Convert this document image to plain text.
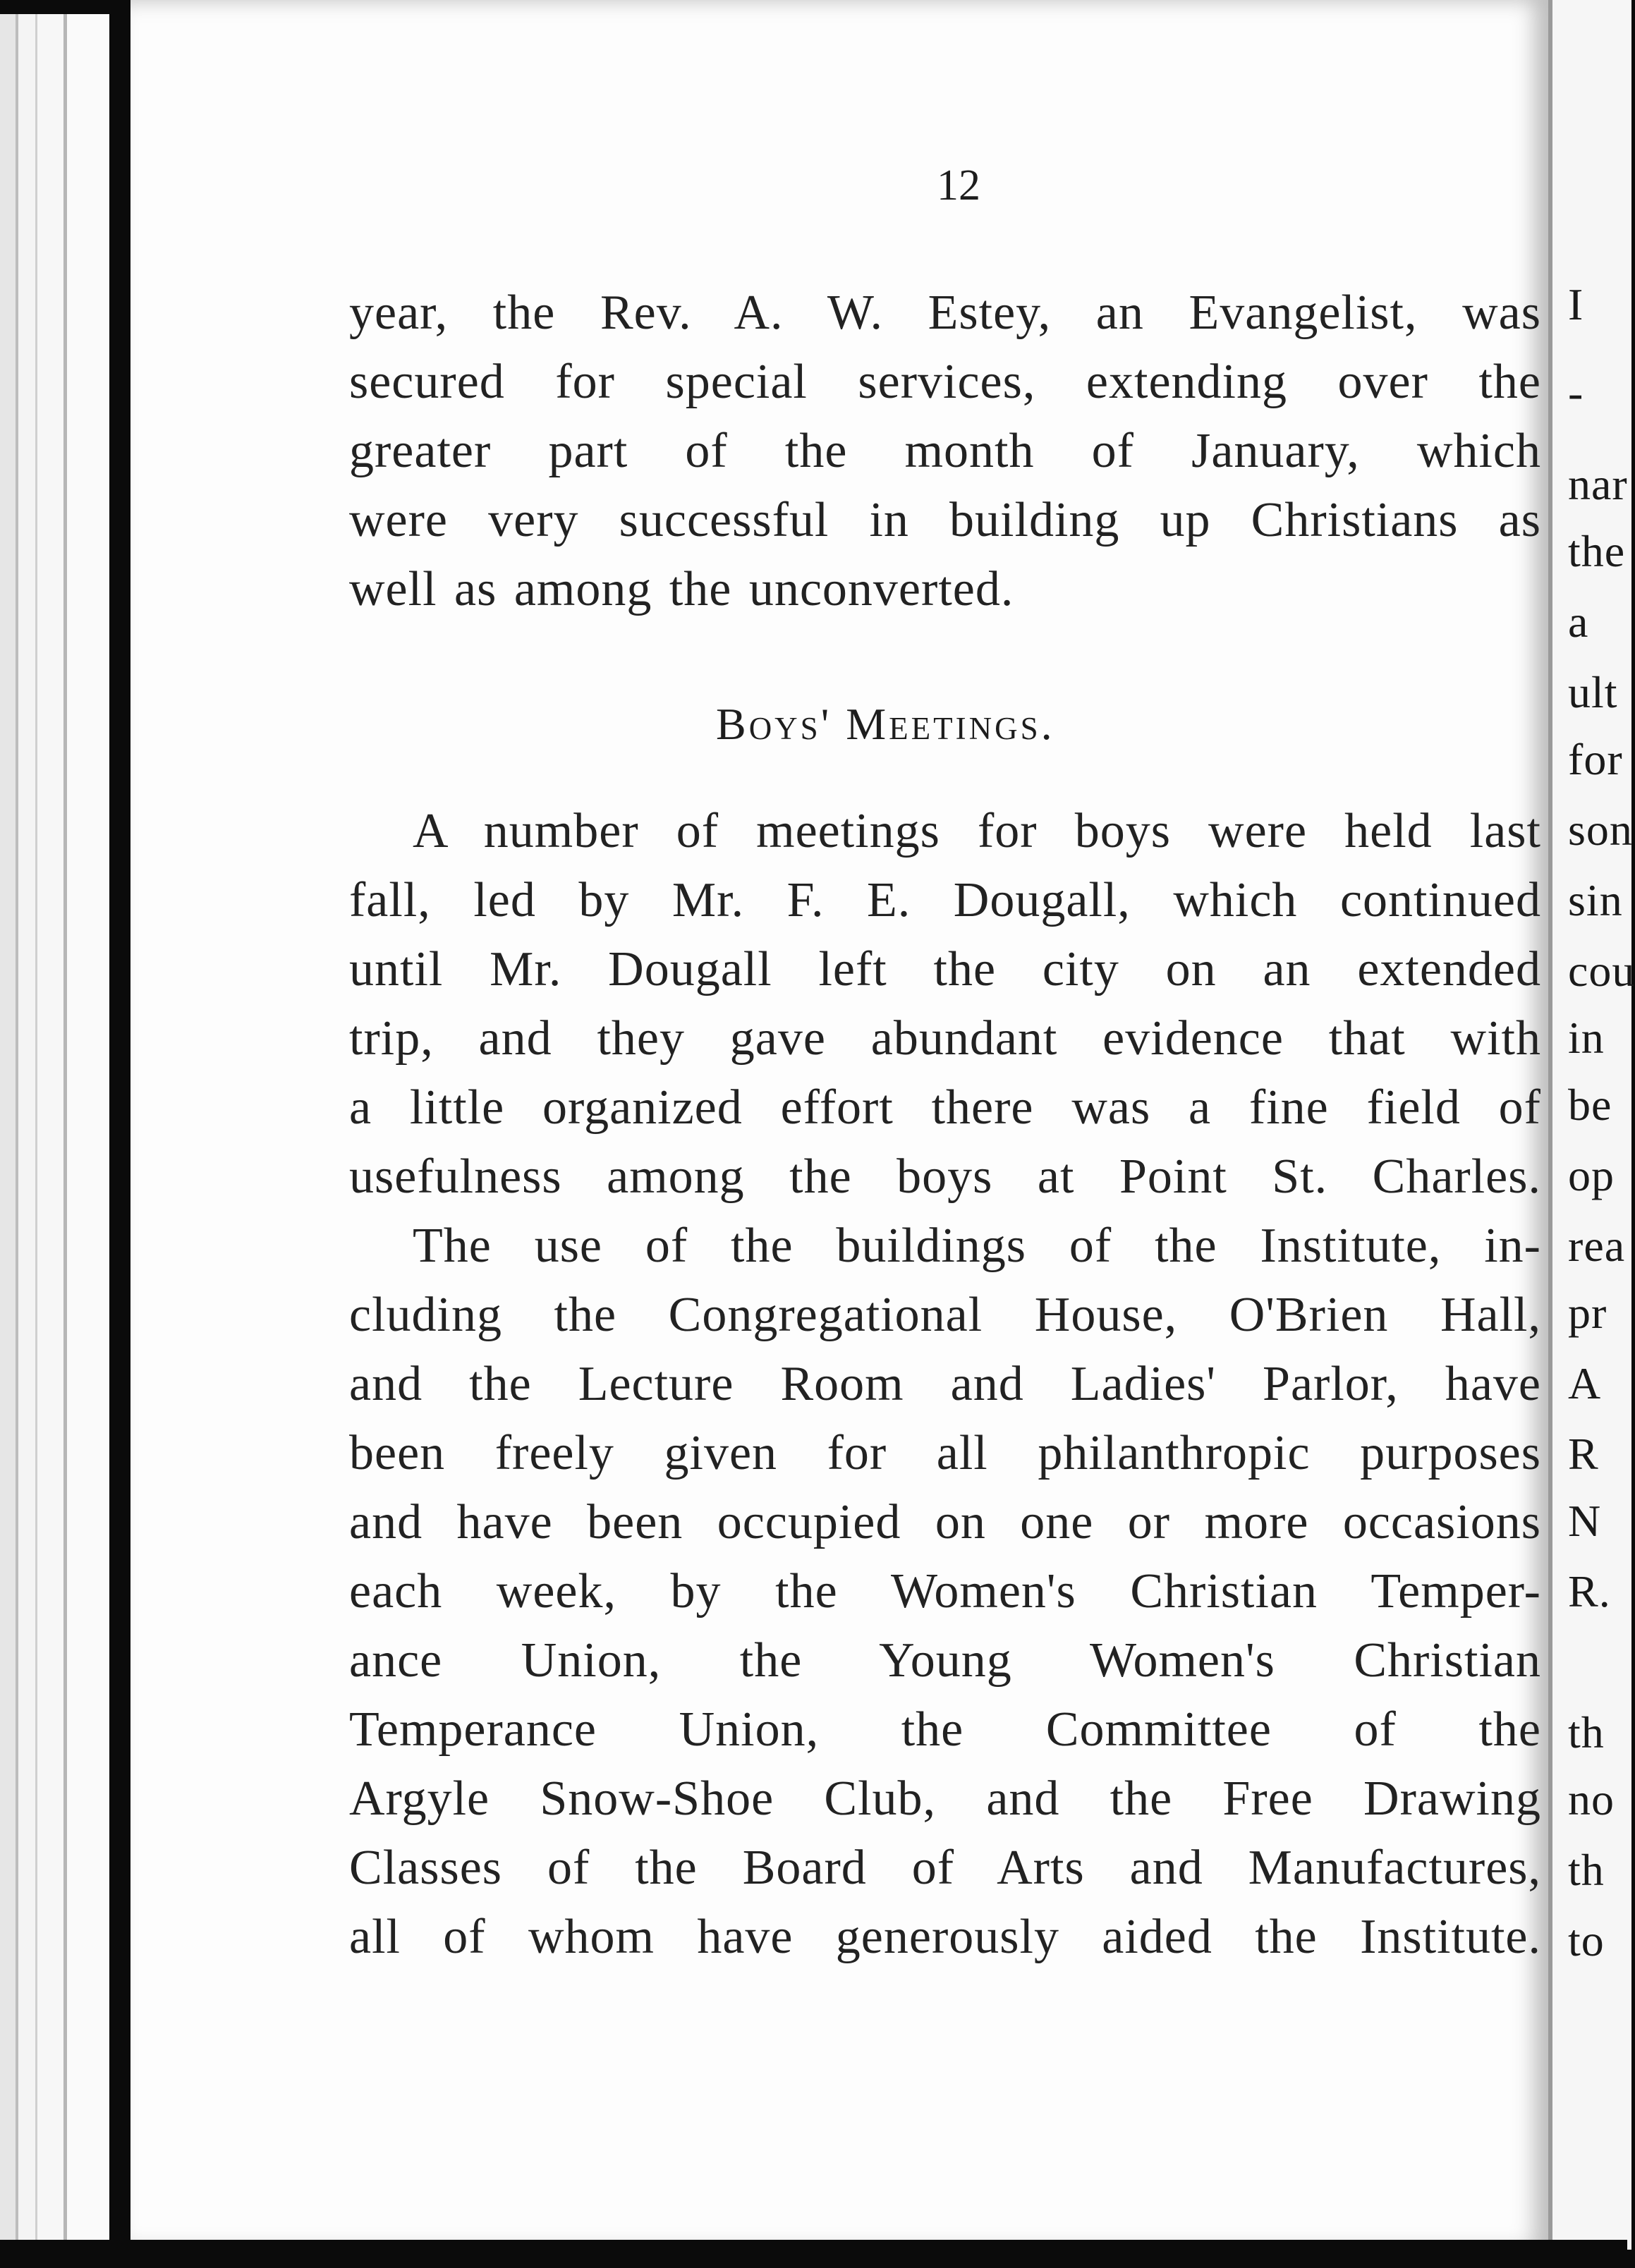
12
year, the Rev. A. W. Estey, an Evangelist, was
secured for special services, extending over the
greater part of the month of January, which
were very successful in building up Christians as
well as among the unconverted.
Boys' Meetings.
A number of meetings for boys were held last
fall, led by Mr. F. E. Dougall, which continued
until Mr. Dougall left the city on an extended
trip, and they gave abundant evidence that with
a little organized effort there was a fine field of
usefulness among the boys at Point St. Charles.
The use of the buildings of the Institute, in-
cluding the Congregational House, O'Brien Hall,
and the Lecture Room and Ladies' Parlor, have
been freely given for all philanthropic purposes
and have been occupied on one or more occasions
each week, by the Women's Christian Temper-
ance Union, the Young Women's Christian
Temperance Union, the Committee of the
Argyle Snow-Shoe Club, and the Free Drawing
Classes of the Board of Arts and Manufactures,
all of whom have generously aided the Institute.
I
-
nar
the
a
ult
for
son
sin
cou
in
be
op
rea
pr
A
R
N
R.
th
no
th
to
